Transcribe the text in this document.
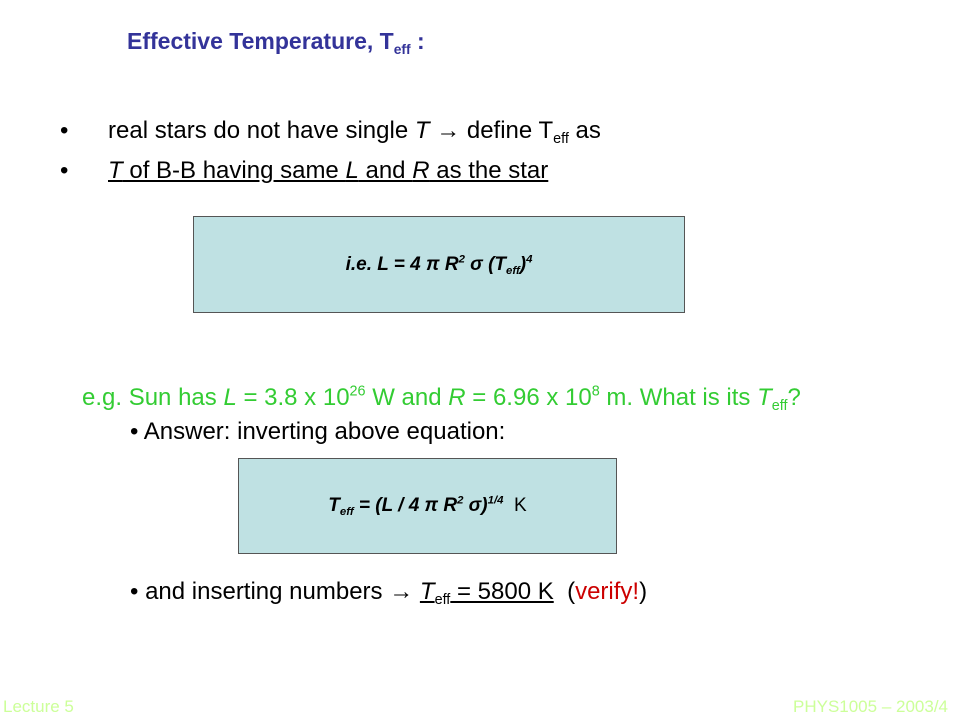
Effective Temperature, $T_{eff}$ :
• real stars do not have single T → define $T_{eff}$ as
• T of B-B having same L and R as the star
i.e. L = 4 π $R^2$ σ $(T_{eff})^4$
e.g. Sun has L = 3.8 x $10^{26}$ W and R = 6.96 x $10^8$ m. What is its $T_{eff}$?
• Answer: inverting above equation:
$T_{eff} = (L / 4$ π $R^2$ σ)$^{1/4}$  K
• and inserting numbers → $T_{eff} = 5800$ K  (verify!)
Lecture 5	PHYS1005 – 2003/4
